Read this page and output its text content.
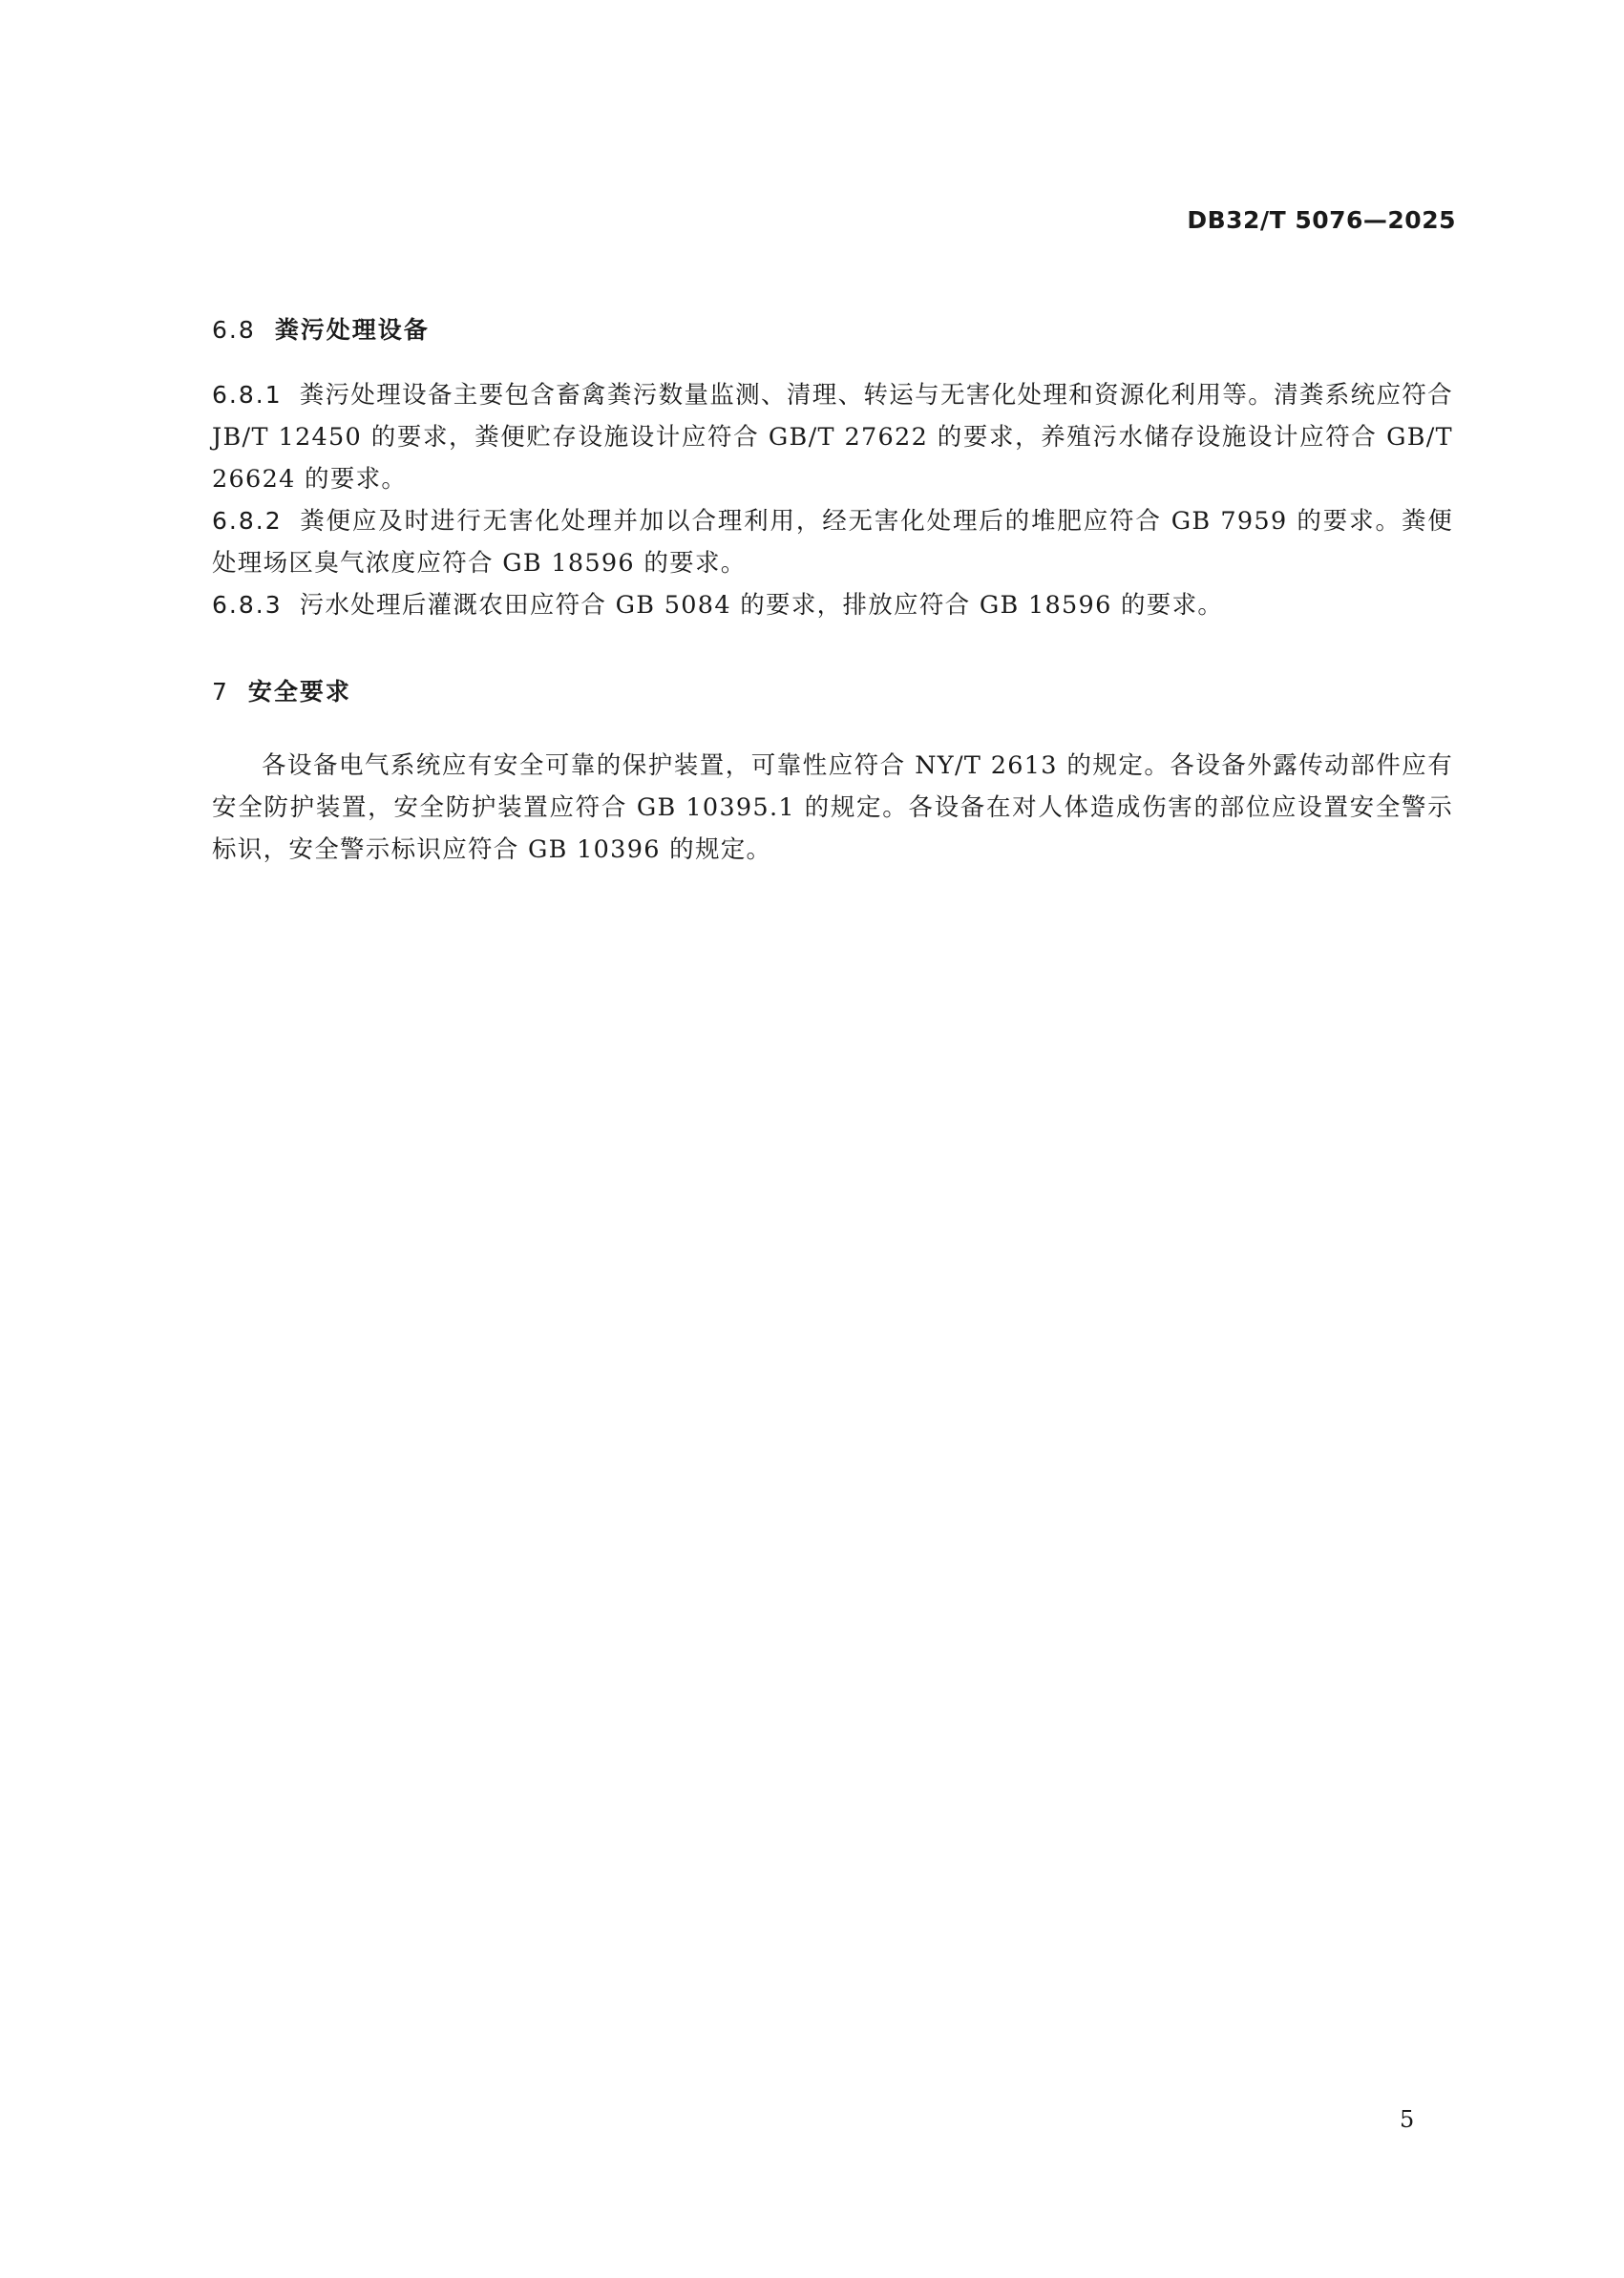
DB32/T 5076—2025
6.8 粪污处理设备
6.8.1 粪污处理设备主要包含畜禽粪污数量监测、清理、转运与无害化处理和资源化利用等。清粪系统应符合 JB/T 12450 的要求，粪便贮存设施设计应符合 GB/T 27622 的要求，养殖污水储存设施设计应符合 GB/T 26624 的要求。
6.8.2 粪便应及时进行无害化处理并加以合理利用，经无害化处理后的堆肥应符合 GB 7959 的要求。粪便处理场区臭气浓度应符合 GB 18596 的要求。
6.8.3 污水处理后灌溉农田应符合 GB 5084 的要求，排放应符合 GB 18596 的要求。
7 安全要求
各设备电气系统应有安全可靠的保护装置，可靠性应符合 NY/T 2613 的规定。各设备外露传动部件应有安全防护装置，安全防护装置应符合 GB 10395.1 的规定。各设备在对人体造成伤害的部位应设置安全警示标识，安全警示标识应符合 GB 10396 的规定。
5
